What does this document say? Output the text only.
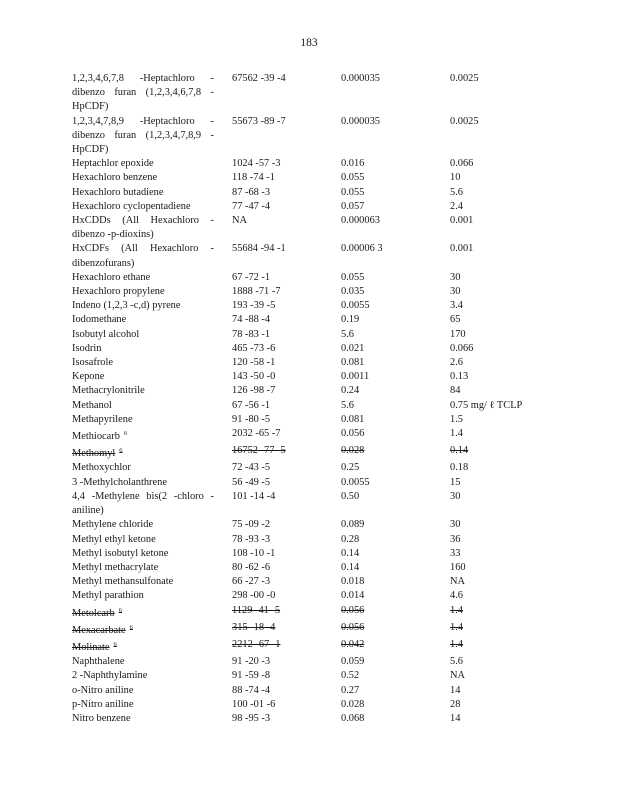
183
1,2,3,4,6,7,8 -Heptachloro - dibenzo furan (1,2,3,4,6,7,8 - HpCDF)	67562 -39 -4	0.000035	0.0025
1,2,3,4,7,8,9 -Heptachloro - dibenzo furan (1,2,3,4,7,8,9 - HpCDF)	55673 -89 -7	0.000035	0.0025
Heptachlor epoxide	1024 -57 -3	0.016	0.066
Hexachloro benzene	118 -74 -1	0.055	10
Hexachloro butadiene	87 -68 -3	0.055	5.6
Hexachloro cyclopentadiene	77 -47 -4	0.057	2.4
HxCDDs (All Hexachloro - dibenzo -p-dioxins)	NA	0.000063	0.001
HxCDFs (All Hexachloro - dibenzofurans)	55684 -94 -1	0.00006 3	0.001
Hexachloro ethane	67 -72 -1	0.055	30
Hexachloro propylene	1888 -71 -7	0.035	30
Indeno (1,2,3 -c,d) pyrene	193 -39 -5	0.0055	3.4
Iodomethane	74 -88 -4	0.19	65
Isobutyl alcohol	78 -83 -1	5.6	170
Isodrin	465 -73 -6	0.021	0.066
Isosafrole	120 -58 -1	0.081	2.6
Kepone	143 -50 -0	0.0011	0.13
Methacrylonitrile	126 -98 -7	0.24	84
Methanol	67 -56 -1	5.6	0.75 mg/ ℓ TCLP
Methapyrilene	91 -80 -5	0.081	1.5
Methiocarb $^6$	2032 -65 -7	0.056	1.4
Methomyl $^6$	16752 -77 -5	0.028	0.14
Methoxychlor	72 -43 -5	0.25	0.18
3 -Methylcholanthrene	56 -49 -5	0.0055	15
4,4 -Methylene bis(2 -chloro - aniline)	101 -14 -4	0.50	30
Methylene chloride	75 -09 -2	0.089	30
Methyl ethyl ketone	78 -93 -3	0.28	36
Methyl isobutyl ketone	108 -10 -1	0.14	33
Methyl methacrylate	80 -62 -6	0.14	160
Methyl methansulfonate	66 -27 -3	0.018	NA
Methyl parathion	298 -00 -0	0.014	4.6
Metolcarb $^6$	1129 -41 -5	0.056	1.4
Mexacarbate $^6$	315 -18 -4	0.056	1.4
Molinate $^6$	2212 -67 -1	0.042	1.4
Naphthalene	91 -20 -3	0.059	5.6
2 -Naphthylamine	91 -59 -8	0.52	NA
o-Nitro aniline	88 -74 -4	0.27	14
p-Nitro aniline	100 -01 -6	0.028	28
Nitro benzene	98 -95 -3	0.068	14
